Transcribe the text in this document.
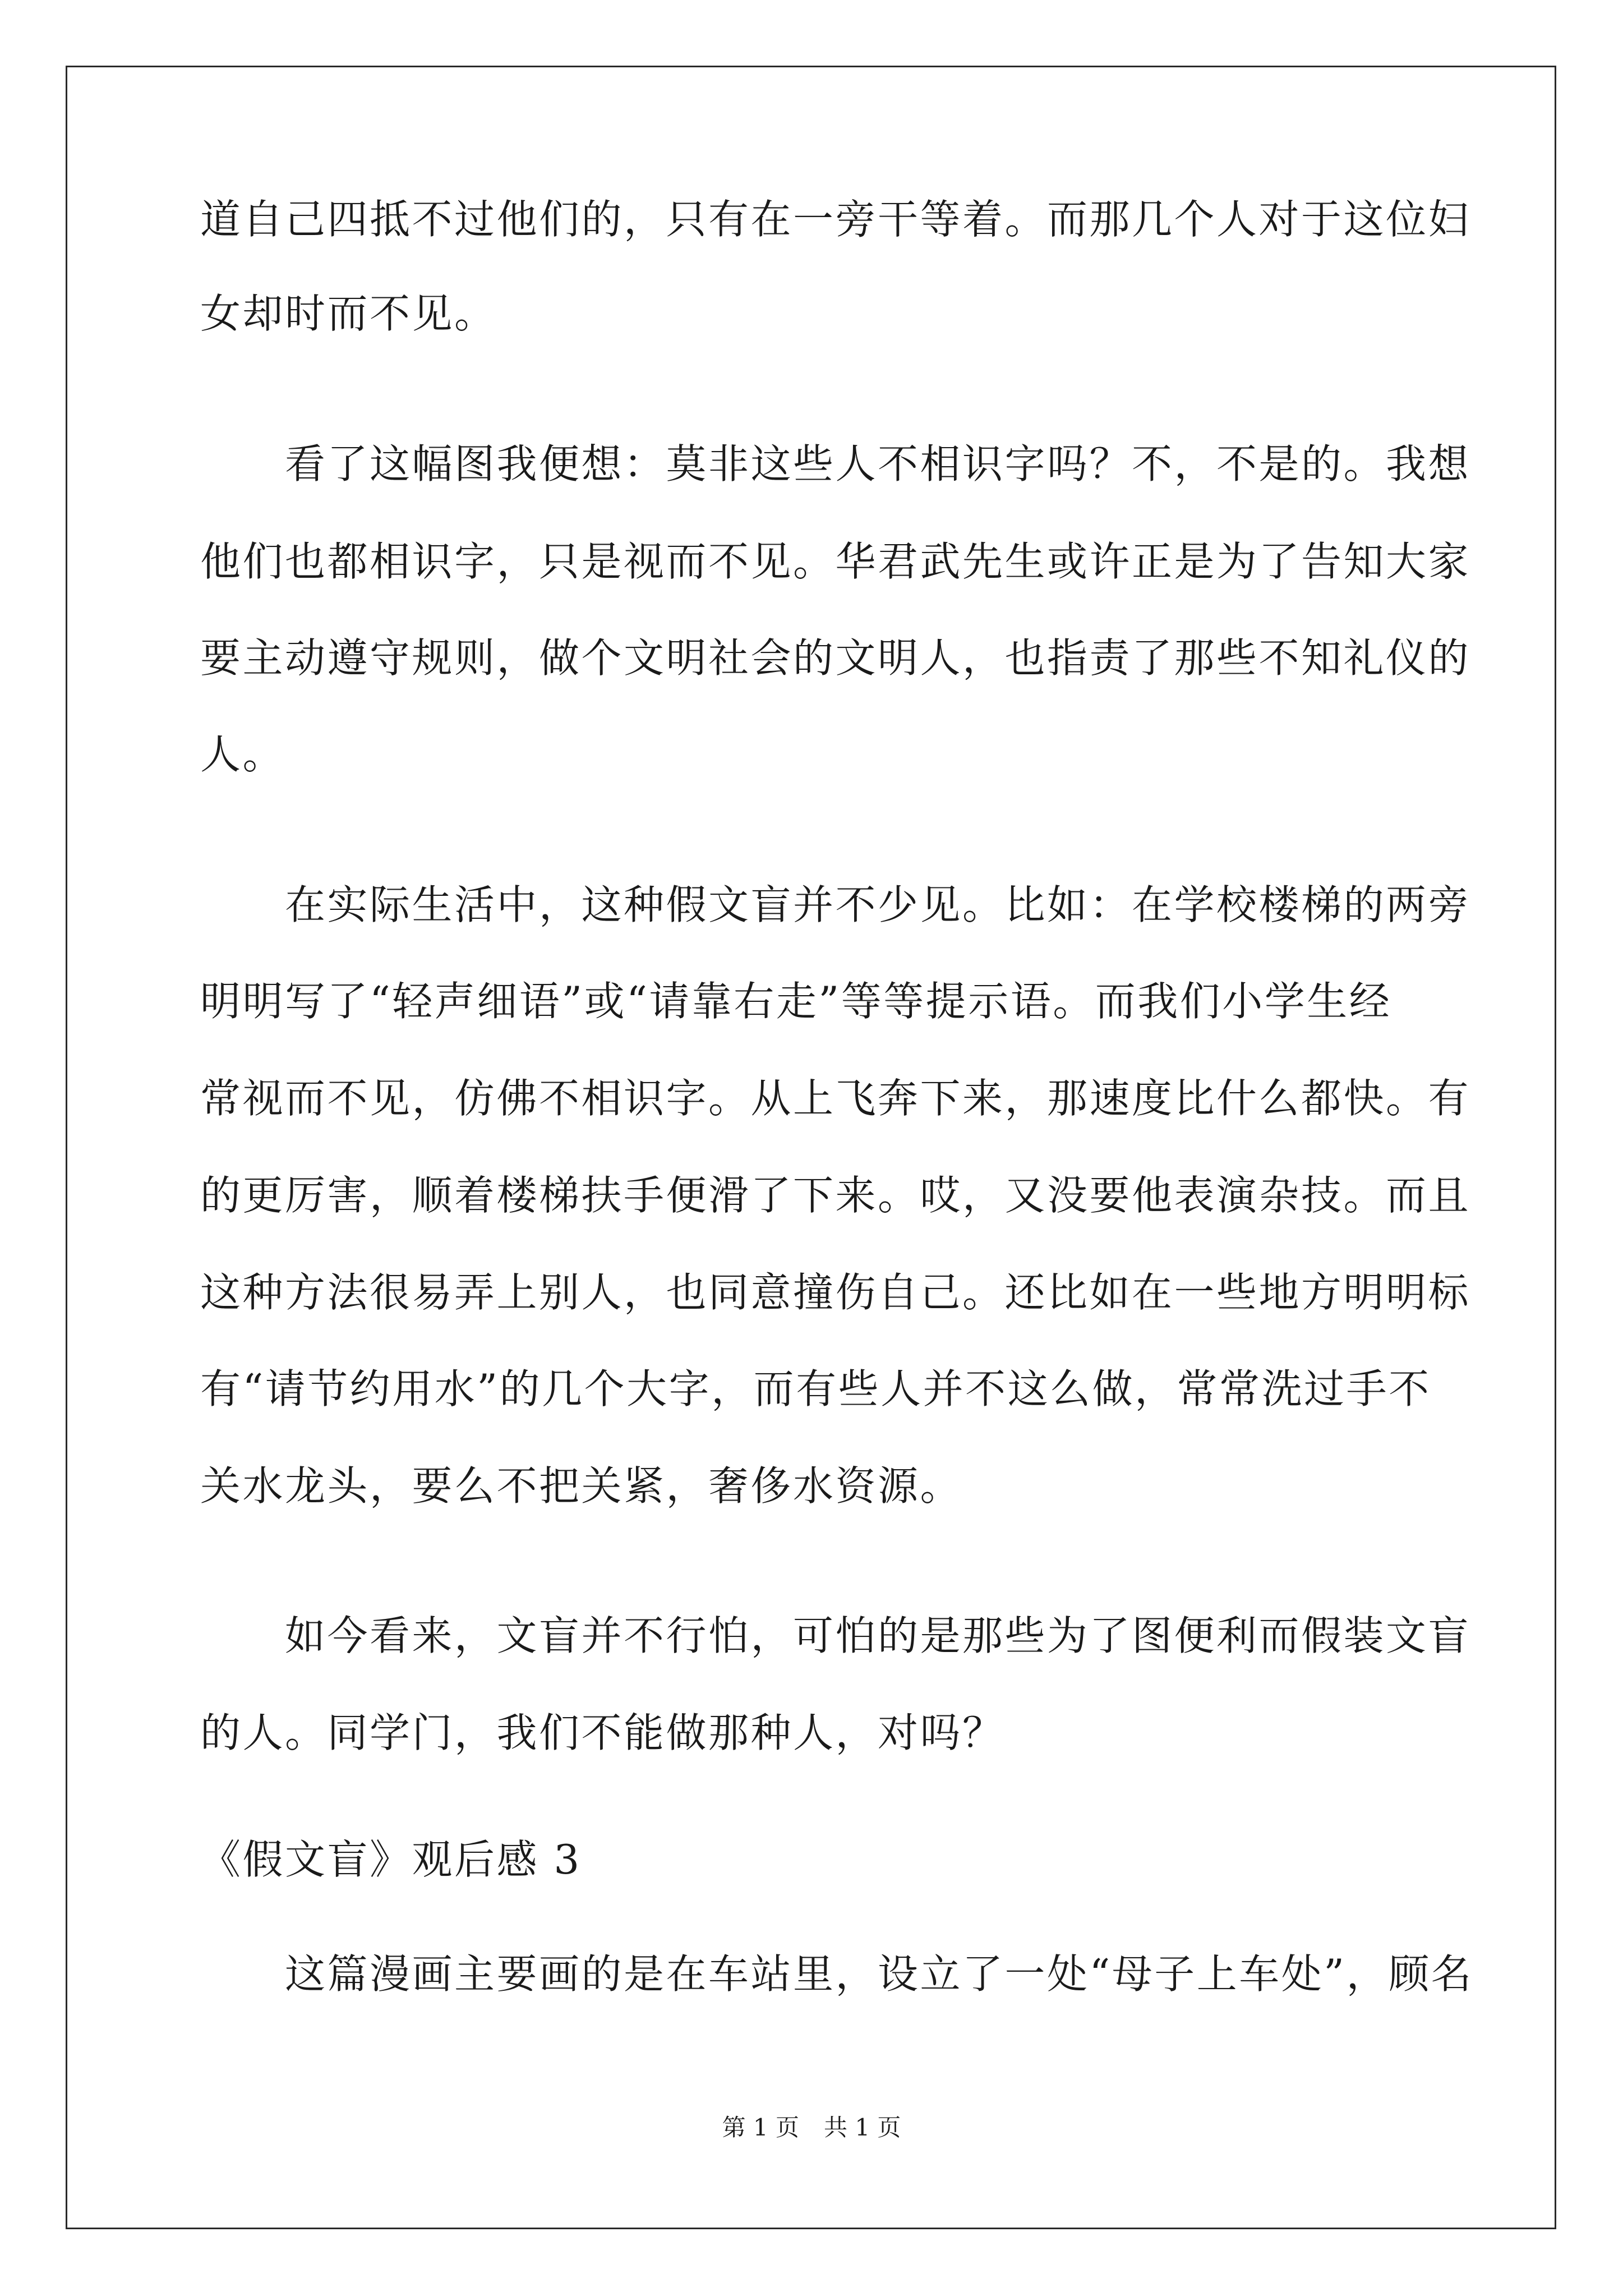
道自己四抵不过他们的，只有在一旁干等着。而那几个人对于这位妇
女却时而不见。
　　看了这幅图我便想：莫非这些人不相识字吗？不，不是的。我想
他们也都相识字，只是视而不见。华君武先生或许正是为了告知大家
要主动遵守规则，做个文明社会的文明人，也指责了那些不知礼仪的
人。
　　在实际生活中，这种假文盲并不少见。比如：在学校楼梯的两旁
明明写了“轻声细语”或“请靠右走”等等提示语。而我们小学生经
常视而不见，仿佛不相识字。从上飞奔下来，那速度比什么都快。有
的更厉害，顺着楼梯扶手便滑了下来。哎，又没要他表演杂技。而且
这种方法很易弄上别人，也同意撞伤自己。还比如在一些地方明明标
有“请节约用水”的几个大字，而有些人并不这么做，常常洗过手不
关水龙头，要么不把关紧，奢侈水资源。
　　如今看来，文盲并不行怕，可怕的是那些为了图便利而假装文盲
的人。同学门，我们不能做那种人，对吗？
《假文盲》观后感 3
　　这篇漫画主要画的是在车站里，设立了一处“母子上车处”，顾名
第 1 页 共 1 页
